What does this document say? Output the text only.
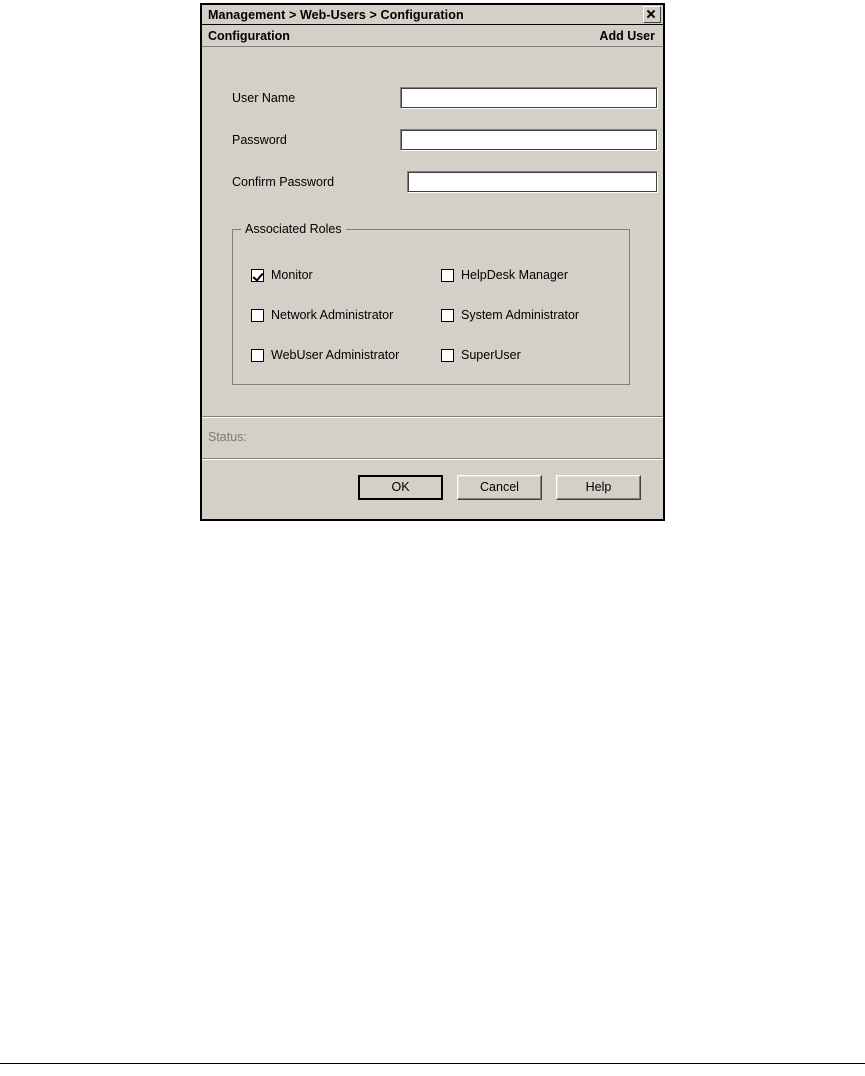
Management > Web-Users > Configuration
Configuration	Add User
User Name
Password
Confirm Password
Associated Roles
Monitor	HelpDesk Manager
Network Administrator	System Administrator
WebUser Administrator	SuperUser
Status:
OK	Cancel	Help
